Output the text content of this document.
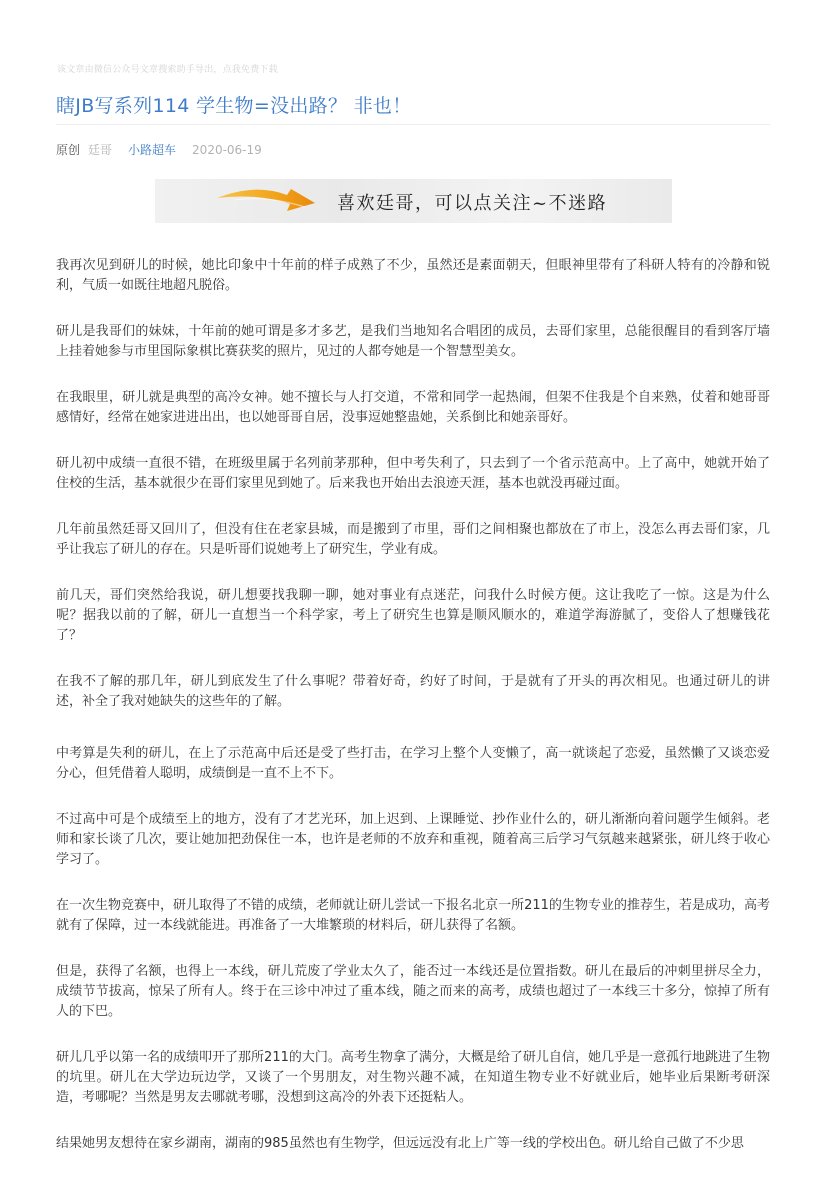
该文章由微信公众号文章搜索助手导出，点我免费下载
瞎JB写系列114 学生物=没出路？ 非也！
原创 廷哥 小路超车 2020-06-19
喜欢廷哥，可以点关注~不迷路

我再次见到研儿的时候，她比印象中十年前的样子成熟了不少，虽然还是素面朝天，但眼神里带有了科研人特有的冷静和锐利，气质一如既往地超凡脱俗。

研儿是我哥们的妹妹，十年前的她可谓是多才多艺，是我们当地知名合唱团的成员，去哥们家里，总能很醒目的看到客厅墙上挂着她参与市里国际象棋比赛获奖的照片，见过的人都夸她是一个智慧型美女。

在我眼里，研儿就是典型的高冷女神。她不擅长与人打交道，不常和同学一起热闹，但架不住我是个自来熟，仗着和她哥哥感情好，经常在她家进进出出，也以她哥哥自居，没事逗她整蛊她，关系倒比和她亲哥好。

研儿初中成绩一直很不错，在班级里属于名列前茅那种，但中考失利了，只去到了一个省示范高中。上了高中，她就开始了住校的生活，基本就很少在哥们家里见到她了。后来我也开始出去浪迹天涯，基本也就没再碰过面。

几年前虽然廷哥又回川了，但没有住在老家县城，而是搬到了市里，哥们之间相聚也都放在了市上，没怎么再去哥们家，几乎让我忘了研儿的存在。只是听哥们说她考上了研究生，学业有成。

前几天，哥们突然给我说，研儿想要找我聊一聊，她对事业有点迷茫，问我什么时候方便。这让我吃了一惊。这是为什么呢？据我以前的了解，研儿一直想当一个科学家，考上了研究生也算是顺风顺水的，难道学海游腻了，变俗人了想赚钱花了？

在我不了解的那几年，研儿到底发生了什么事呢？带着好奇，约好了时间，于是就有了开头的再次相见。也通过研儿的讲述，补全了我对她缺失的这些年的了解。

中考算是失利的研儿，在上了示范高中后还是受了些打击，在学习上整个人变懒了，高一就谈起了恋爱，虽然懒了又谈恋爱分心，但凭借着人聪明，成绩倒是一直不上不下。

不过高中可是个成绩至上的地方，没有了才艺光环，加上迟到、上课睡觉、抄作业什么的，研儿渐渐向着问题学生倾斜。老师和家长谈了几次，要让她加把劲保住一本，也许是老师的不放弃和重视，随着高三后学习气氛越来越紧张，研儿终于收心学习了。

在一次生物竞赛中，研儿取得了不错的成绩，老师就让研儿尝试一下报名北京一所211的生物专业的推荐生，若是成功，高考就有了保障，过一本线就能进。再准备了一大堆繁琐的材料后，研儿获得了名额。

但是，获得了名额，也得上一本线，研儿荒废了学业太久了，能否过一本线还是位置指数。研儿在最后的冲刺里拼尽全力，成绩节节拔高，惊呆了所有人。终于在三诊中冲过了重本线，随之而来的高考，成绩也超过了一本线三十多分，惊掉了所有人的下巴。

研儿几乎以第一名的成绩叩开了那所211的大门。高考生物拿了满分，大概是给了研儿自信，她几乎是一意孤行地跳进了生物的坑里。研儿在大学边玩边学，又谈了一个男朋友，对生物兴趣不减，在知道生物专业不好就业后，她毕业后果断考研深造，考哪呢？当然是男友去哪就考哪，没想到这高冷的外表下还挺粘人。

结果她男友想待在家乡湖南，湖南的985虽然也有生物学，但远远没有北上广等一线的学校出色。研儿给自己做了不少思
